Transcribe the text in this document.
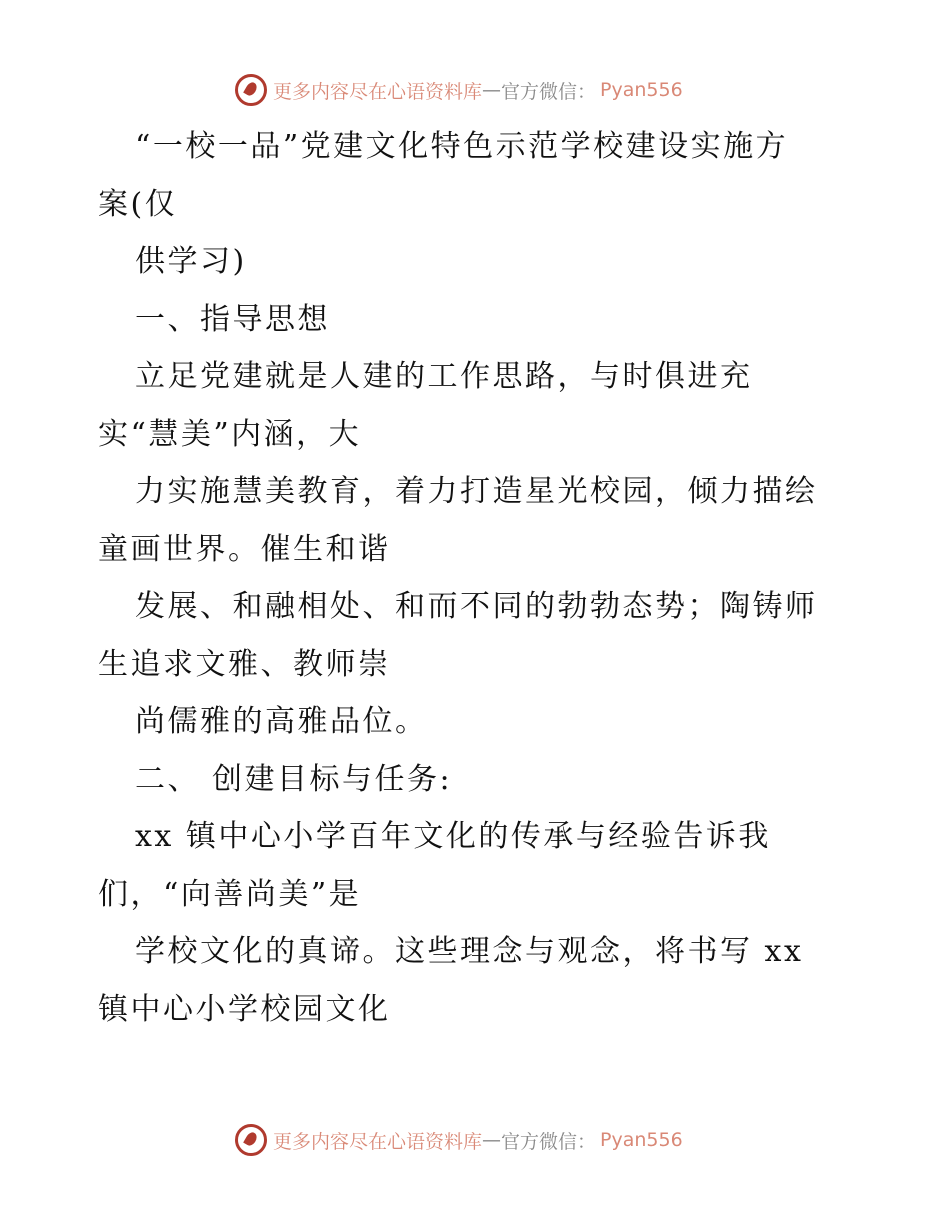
更多内容尽在心语资料库 — 官方微信： Pyan556
“一校一品”党建文化特色示范学校建设实施方
案(仅
供学习)
一、指导思想
立足党建就是人建的工作思路，与时俱进充
实“慧美”内涵，大
力实施慧美教育，着力打造星光校园，倾力描绘
童画世界。催生和谐
发展、和融相处、和而不同的勃勃态势；陶铸师
生追求文雅、教师崇
尚儒雅的高雅品位。
二、 创建目标与任务:
xx 镇中心小学百年文化的传承与经验告诉我
们，“向善尚美”是
学校文化的真谛。这些理念与观念，将书写 xx
镇中心小学校园文化
更多内容尽在心语资料库 — 官方微信： Pyan556
